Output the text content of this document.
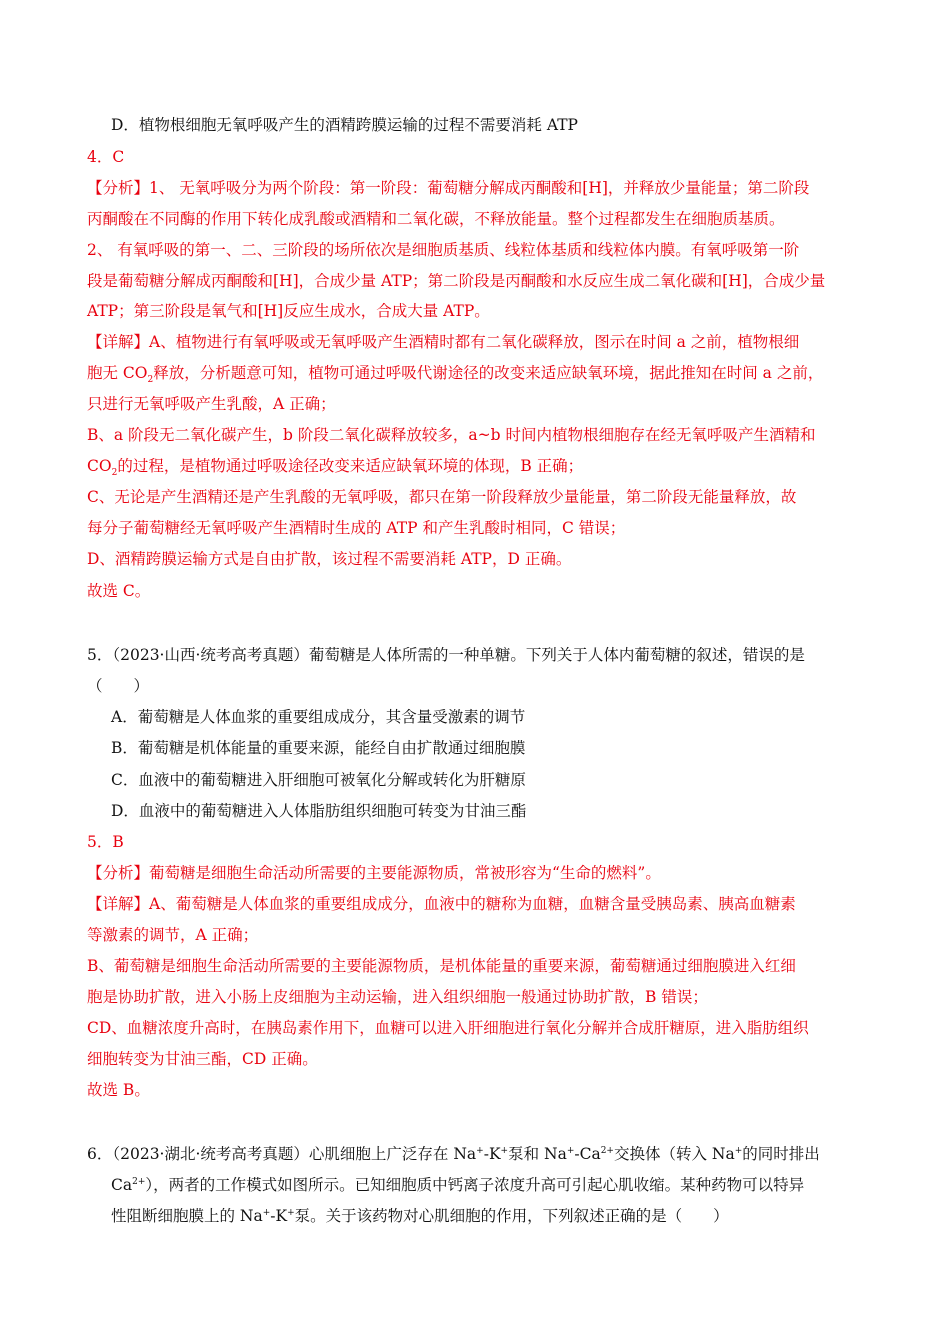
D．植物根细胞无氧呼吸产生的酒精跨膜运输的过程不需要消耗 ATP
4．C
【分析】1、 无氧呼吸分为两个阶段：第一阶段：葡萄糖分解成丙酮酸和[H]，并释放少量能量；第二阶段
丙酮酸在不同酶的作用下转化成乳酸或酒精和二氧化碳，不释放能量。整个过程都发生在细胞质基质。
2、 有氧呼吸的第一、二、三阶段的场所依次是细胞质基质、线粒体基质和线粒体内膜。有氧呼吸第一阶
段是葡萄糖分解成丙酮酸和[H]，合成少量 ATP；第二阶段是丙酮酸和水反应生成二氧化碳和[H]，合成少量
ATP；第三阶段是氧气和[H]反应生成水，合成大量 ATP。
【详解】A、植物进行有氧呼吸或无氧呼吸产生酒精时都有二氧化碳释放，图示在时间 a 之前，植物根细
胞无 $CO_2$释放，分析题意可知，植物可通过呼吸代谢途径的改变来适应缺氧环境，据此推知在时间 a 之前，
只进行无氧呼吸产生乳酸，A 正确；
B、a 阶段无二氧化碳产生，b 阶段二氧化碳释放较多，a~b 时间内植物根细胞存在经无氧呼吸产生酒精和
$CO_2$的过程，是植物通过呼吸途径改变来适应缺氧环境的体现，B 正确；
C、无论是产生酒精还是产生乳酸的无氧呼吸，都只在第一阶段释放少量能量，第二阶段无能量释放，故
每分子葡萄糖经无氧呼吸产生酒精时生成的 ATP 和产生乳酸时相同，C 错误；
D、酒精跨膜运输方式是自由扩散，该过程不需要消耗 ATP，D 正确。
故选 C。
5．（2023·山西·统考高考真题）葡萄糖是人体所需的一种单糖。下列关于人体内葡萄糖的叙述，错误的是
（　　）
A．葡萄糖是人体血浆的重要组成成分，其含量受激素的调节
B．葡萄糖是机体能量的重要来源，能经自由扩散通过细胞膜
C．血液中的葡萄糖进入肝细胞可被氧化分解或转化为肝糖原
D．血液中的葡萄糖进入人体脂肪组织细胞可转变为甘油三酯
5．B
【分析】葡萄糖是细胞生命活动所需要的主要能源物质，常被形容为“生命的燃料”。
【详解】A、葡萄糖是人体血浆的重要组成成分，血液中的糖称为血糖，血糖含量受胰岛素、胰高血糖素
等激素的调节，A 正确；
B、葡萄糖是细胞生命活动所需要的主要能源物质，是机体能量的重要来源，葡萄糖通过细胞膜进入红细
胞是协助扩散，进入小肠上皮细胞为主动运输，进入组织细胞一般通过协助扩散，B 错误；
CD、血糖浓度升高时，在胰岛素作用下，血糖可以进入肝细胞进行氧化分解并合成肝糖原，进入脂肪组织
细胞转变为甘油三酯，CD 正确。
故选 B。
6．（2023·湖北·统考高考真题）心肌细胞上广泛存在 Na+-K+泵和 $Na^+-Ca^{2+}$交换体（转入 Na+的同时排出
$Ca^{2+}$），两者的工作模式如图所示。已知细胞质中钙离子浓度升高可引起心肌收缩。某种药物可以特异
性阻断细胞膜上的 Na+-K+泵。关于该药物对心肌细胞的作用，下列叙述正确的是（　　）
